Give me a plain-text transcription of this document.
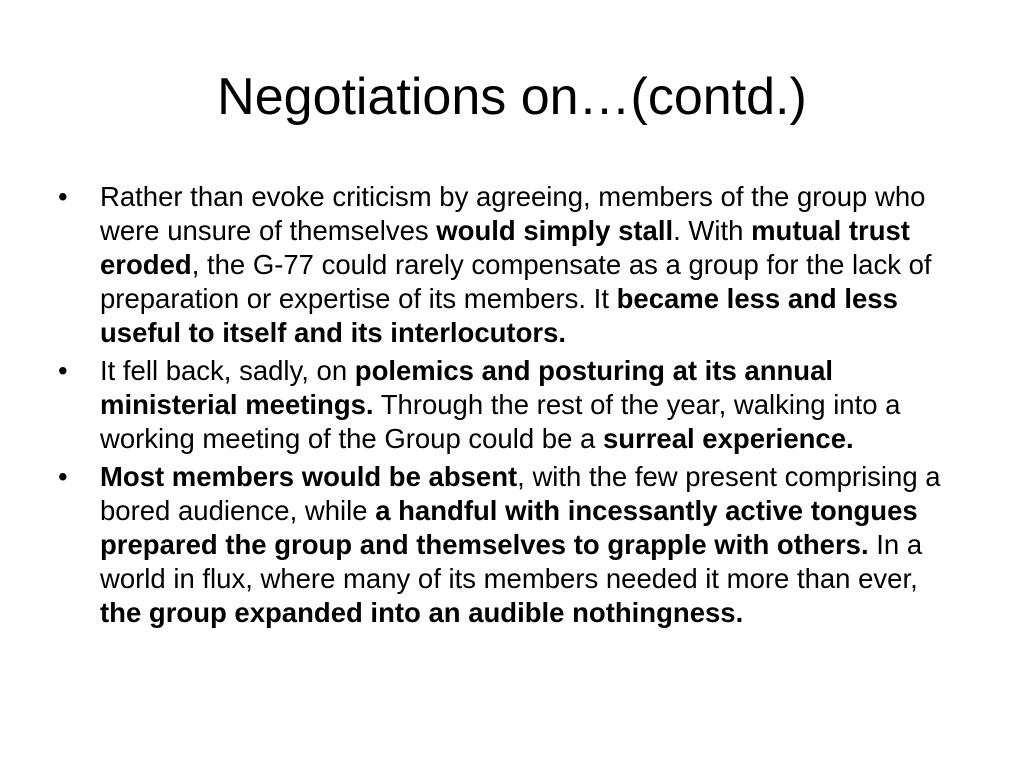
Negotiations on…(contd.)
•	Rather than evoke criticism by agreeing, members of the group who were unsure of themselves would simply stall. With mutual trust eroded, the G-77 could rarely compensate as a group for the lack of preparation or expertise of its members. It became less and less useful to itself and its interlocutors.
•	It fell back, sadly, on polemics and posturing at its annual ministerial meetings. Through the rest of the year, walking into a working meeting of the Group could be a surreal experience.
•	Most members would be absent, with the few present comprising a bored audience, while a handful with incessantly active tongues prepared the group and themselves to grapple with others. In a world in flux, where many of its members needed it more than ever, the group expanded into an audible nothingness.
